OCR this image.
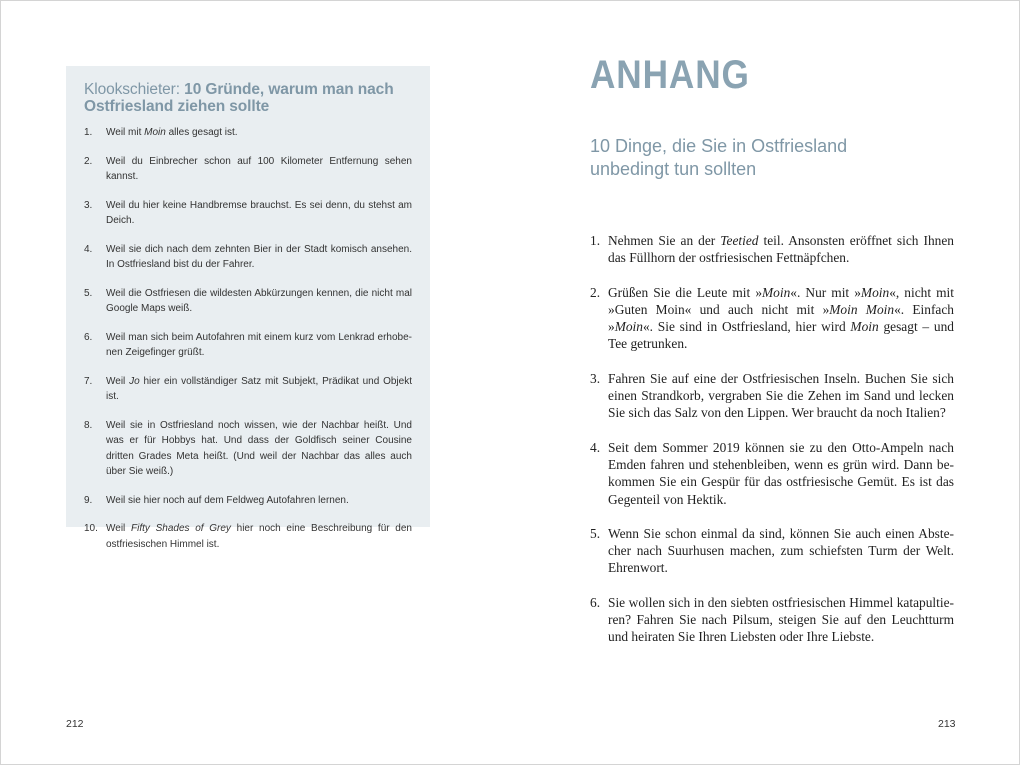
Klookschieter: 10 Gründe, warum man nach Ostfriesland ziehen sollte
1.	Weil mit Moin alles gesagt ist.
2.	Weil du Einbrecher schon auf 100 Kilometer Entfernung sehen kannst.
3.	Weil du hier keine Handbremse brauchst. Es sei denn, du stehst am Deich.
4.	Weil sie dich nach dem zehnten Bier in der Stadt komisch ansehen. In Ostfriesland bist du der Fahrer.
5.	Weil die Ostfriesen die wildesten Abkürzungen kennen, die nicht mal Google Maps weiß.
6.	Weil man sich beim Autofahren mit einem kurz vom Lenkrad erhobenen Zeigefinger grüßt.
7.	Weil Jo hier ein vollständiger Satz mit Subjekt, Prädikat und Objekt ist.
8.	Weil sie in Ostfriesland noch wissen, wie der Nachbar heißt. Und was er für Hobbys hat. Und dass der Goldfisch seiner Cousine dritten Grades Meta heißt. (Und weil der Nachbar das alles auch über Sie weiß.)
9.	Weil sie hier noch auf dem Feldweg Autofahren lernen.
10. Weil Fifty Shades of Grey hier noch eine Beschreibung für den ostfriesischen Himmel ist.
212
ANHANG
10 Dinge, die Sie in Ostfriesland unbedingt tun sollten
1. Nehmen Sie an der Teetied teil. Ansonsten eröffnet sich Ihnen das Füllhorn der ostfriesischen Fettnäpfchen.
2. Grüßen Sie die Leute mit »Moin«. Nur mit »Moin«, nicht mit »Guten Moin« und auch nicht mit »Moin Moin«. Einfach »Moin«. Sie sind in Ostfriesland, hier wird Moin gesagt – und Tee getrunken.
3. Fahren Sie auf eine der Ostfriesischen Inseln. Buchen Sie sich einen Strandkorb, vergraben Sie die Zehen im Sand und lecken Sie sich das Salz von den Lippen. Wer braucht da noch Italien?
4. Seit dem Sommer 2019 können sie zu den Otto-Ampeln nach Emden fahren und stehenbleiben, wenn es grün wird. Dann bekommen Sie ein Gespür für das ostfriesische Gemüt. Es ist das Gegenteil von Hektik.
5. Wenn Sie schon einmal da sind, können Sie auch einen Abstecher nach Suurhusen machen, zum schiefsten Turm der Welt. Ehrenwort.
6. Sie wollen sich in den siebten ostfriesischen Himmel katapultieren? Fahren Sie nach Pilsum, steigen Sie auf den Leuchtturm und heiraten Sie Ihren Liebsten oder Ihre Liebste.
213
